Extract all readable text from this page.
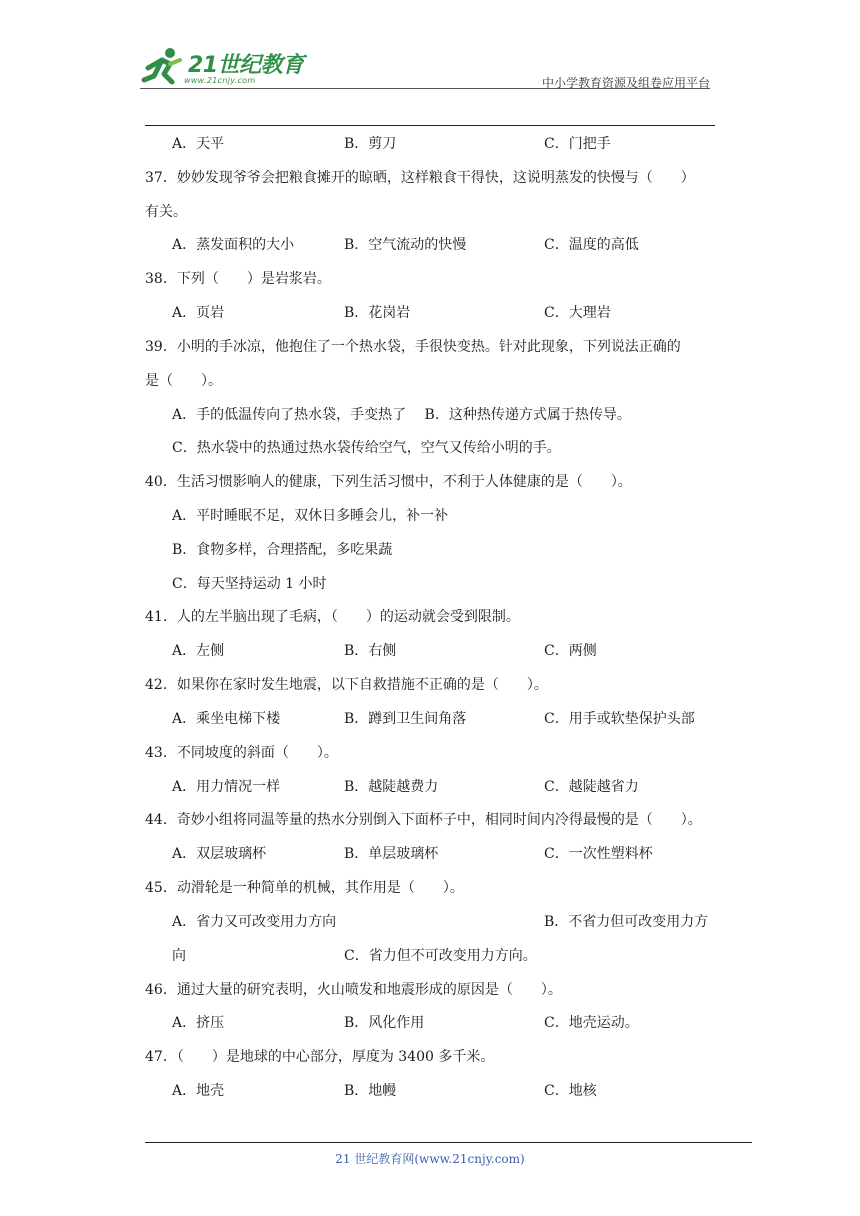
21世纪教育
www.21cnjy.com	中小学教育资源及组卷应用平台
A．天平	B．剪刀	C．门把手
37．妙妙发现爷爷会把粮食摊开的晾晒，这样粮食干得快，这说明蒸发的快慢与（　　）
有关。
A．蒸发面积的大小	B．空气流动的快慢	C．温度的高低
38．下列（　　）是岩浆岩。
A．页岩	B．花岗岩	C．大理岩
39．小明的手冰凉，他抱住了一个热水袋，手很快变热。针对此现象，下列说法正确的
是（　　）。
A．手的低温传向了热水袋，手变热了　 B．这种热传递方式属于热传导。
C．热水袋中的热通过热水袋传给空气，空气又传给小明的手。
40．生活习惯影响人的健康，下列生活习惯中，不利于人体健康的是（　　）。
A．平时睡眠不足，双休日多睡会儿，补一补
B．食物多样，合理搭配，多吃果蔬
C．每天坚持运动 1 小时
41．人的左半脑出现了毛病，（　　）的运动就会受到限制。
A．左侧	B．右侧	C．两侧
42．如果你在家时发生地震，以下自救措施不正确的是（　　）。
A．乘坐电梯下楼	B．蹲到卫生间角落	C．用手或软垫保护头部
43．不同坡度的斜面（　　）。
A．用力情况一样	B．越陡越费力	C．越陡越省力
44．奇妙小组将同温等量的热水分别倒入下面杯子中，相同时间内冷得最慢的是（　　）。
A．双层玻璃杯	B．单层玻璃杯	C．一次性塑料杯
45．动滑轮是一种简单的机械，其作用是（　　）。
A．省力又可改变用力方向	B．不省力但可改变用力方
向	C．省力但不可改变用力方向。
46．通过大量的研究表明，火山喷发和地震形成的原因是（　　）。
A．挤压	B．风化作用	C．地壳运动。
47．（　　）是地球的中心部分，厚度为 3400 多千米。
A．地壳	B．地幔	C．地核
21 世纪教育网(www.21cnjy.com)
